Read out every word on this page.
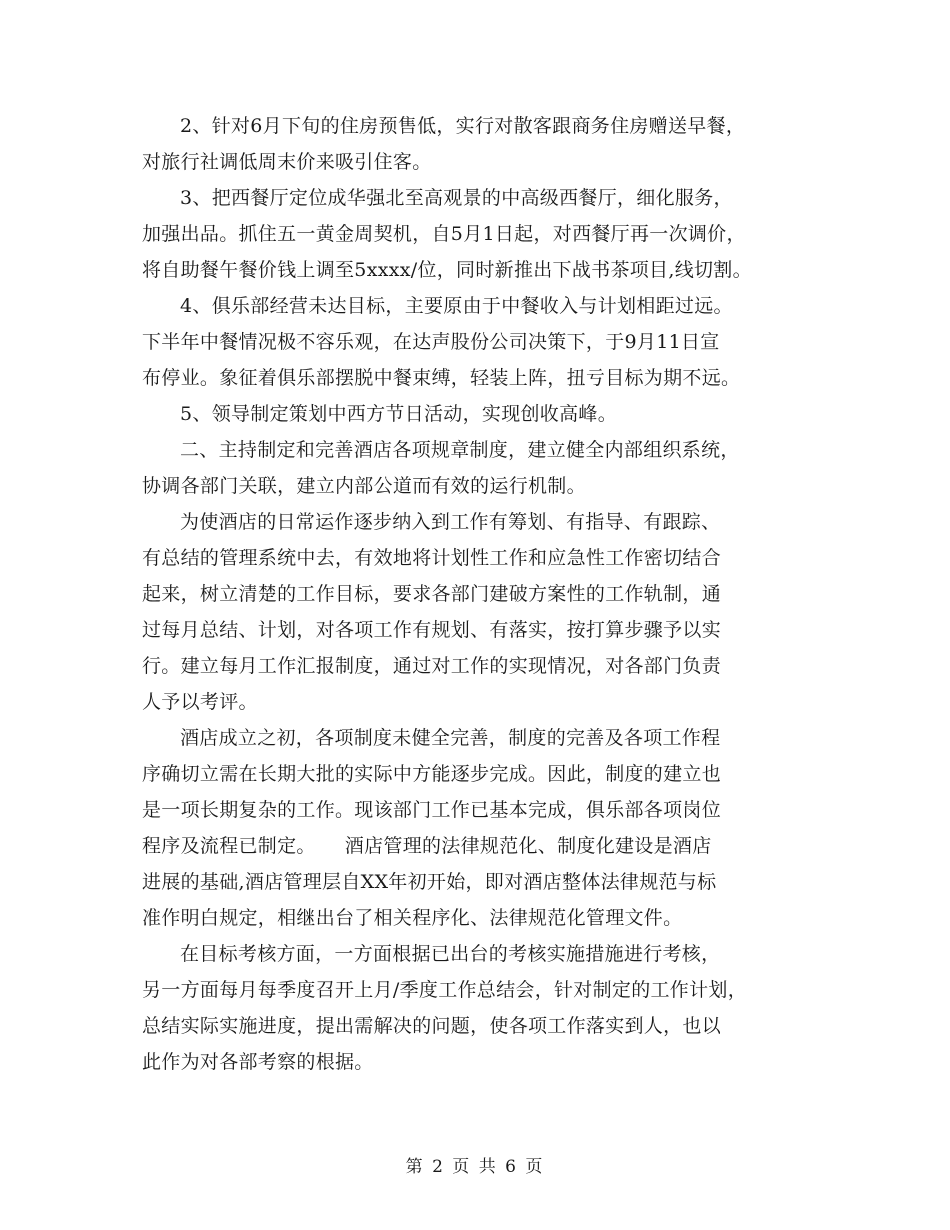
2、针对6月下旬的住房预售低，实行对散客跟商务住房赠送早餐，
对旅行社调低周末价来吸引住客。
3、把西餐厅定位成华强北至高观景的中高级西餐厅，细化服务，
加强出品。抓住五一黄金周契机，自5月1日起，对西餐厅再一次调价，
将自助餐午餐价钱上调至5xxxx/位，同时新推出下战书茶项目,线切割。
4、俱乐部经营未达目标，主要原由于中餐收入与计划相距过远。
下半年中餐情况极不容乐观，在达声股份公司决策下，于9月11日宣
布停业。象征着俱乐部摆脱中餐束缚，轻装上阵，扭亏目标为期不远。
5、领导制定策划中西方节日活动，实现创收高峰。
二、主持制定和完善酒店各项规章制度，建立健全内部组织系统，
协调各部门关联，建立内部公道而有效的运行机制。
为使酒店的日常运作逐步纳入到工作有筹划、有指导、有跟踪、
有总结的管理系统中去，有效地将计划性工作和应急性工作密切结合
起来，树立清楚的工作目标，要求各部门建破方案性的工作轨制，通
过每月总结、计划，对各项工作有规划、有落实，按打算步骤予以实
行。建立每月工作汇报制度，通过对工作的实现情况，对各部门负责
人予以考评。
酒店成立之初，各项制度未健全完善，制度的完善及各项工作程
序确切立需在长期大批的实际中方能逐步完成。因此，制度的建立也
是一项长期复杂的工作。现该部门工作已基本完成，俱乐部各项岗位
程序及流程已制定。　　酒店管理的法律规范化、制度化建设是酒店
进展的基础,酒店管理层自XX年初开始，即对酒店整体法律规范与标
准作明白规定，相继出台了相关程序化、法律规范化管理文件。
在目标考核方面，一方面根据已出台的考核实施措施进行考核，
另一方面每月每季度召开上月/季度工作总结会，针对制定的工作计划，
总结实际实施进度，提出需解决的问题，使各项工作落实到人，也以
此作为对各部考察的根据。
第 2 页 共 6 页
